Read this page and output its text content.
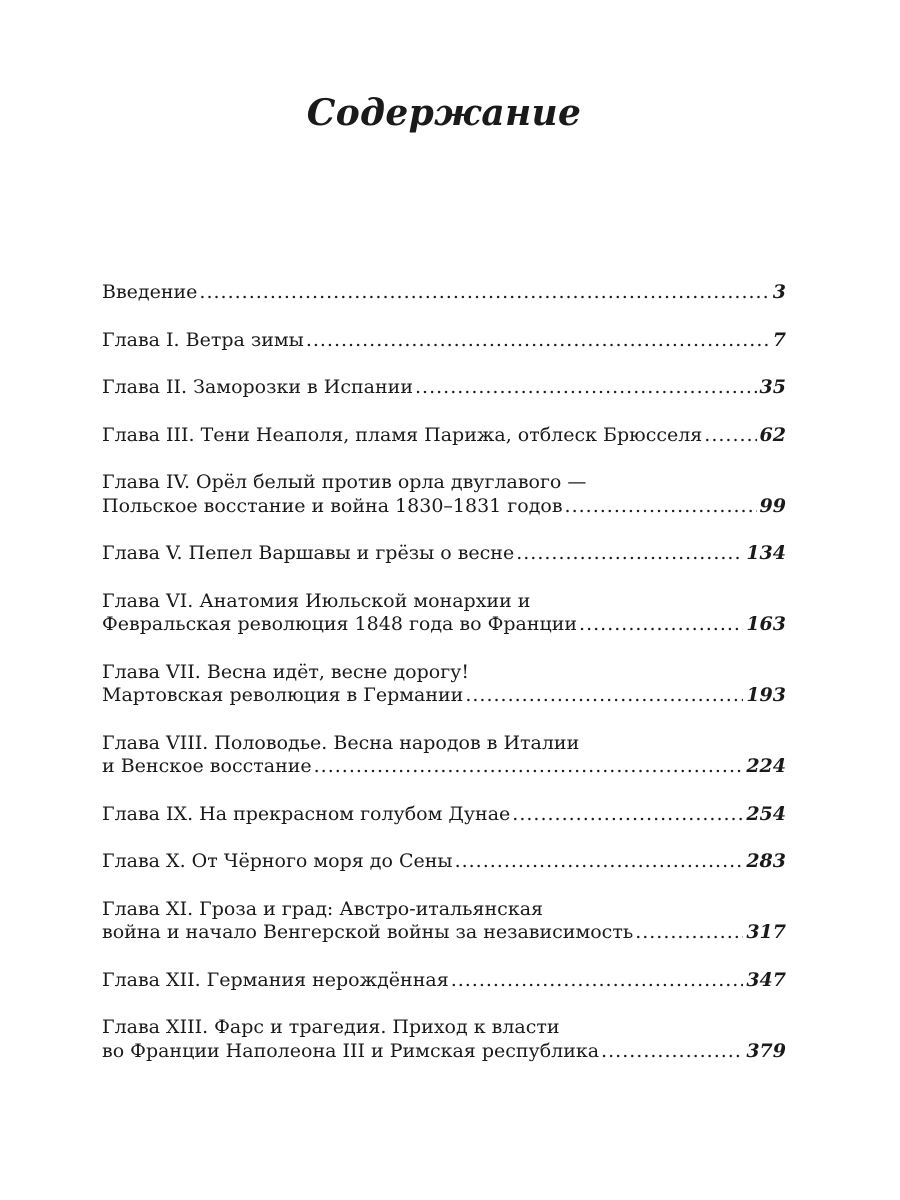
Содержание
Введение .....	3
Глава I. Ветра зимы .....	7
Глава II. Заморозки в Испании .....	35
Глава III. Тени Неаполя, пламя Парижа, отблеск Брюсселя .....	62
Глава IV. Орёл белый против орла двуглавого —
Польское восстание и война 1830–1831 годов .....	99
Глава V. Пепел Варшавы и грёзы о весне .....	134
Глава VI. Анатомия Июльской монархии и
Февральская революция 1848 года во Франции .....	163
Глава VII. Весна идёт, весне дорогу!
Мартовская революция в Германии .....	193
Глава VIII. Половодье. Весна народов в Италии
и Венское восстание .....	224
Глава IX. На прекрасном голубом Дунае .....	254
Глава X. От Чёрного моря до Сены .....	283
Глава XI. Гроза и град: Австро-итальянская
война и начало Венгерской войны за независимость .....	317
Глава XII. Германия нерождённая .....	347
Глава XIII. Фарс и трагедия. Приход к власти
во Франции Наполеона III и Римская республика .....	379
